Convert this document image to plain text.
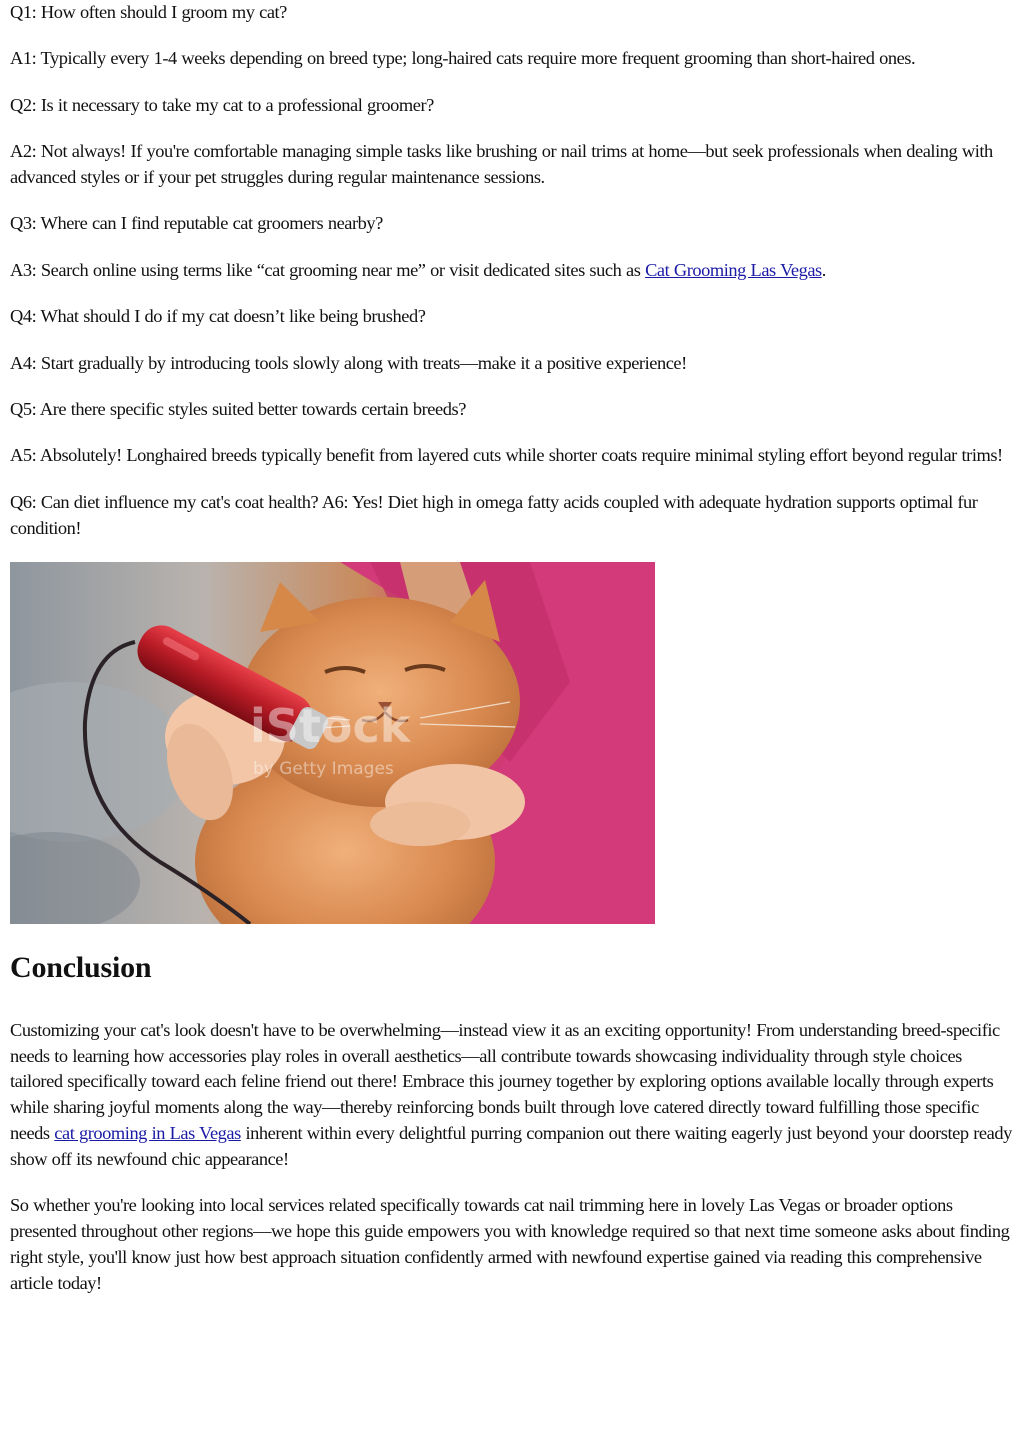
Q1: How often should I groom my cat?

A1: Typically every 1-4 weeks depending on breed type; long-haired cats require more frequent grooming than short-haired ones.

Q2: Is it necessary to take my cat to a professional groomer?

A2: Not always! If you're comfortable managing simple tasks like brushing or nail trims at home—but seek professionals when dealing with advanced styles or if your pet struggles during regular maintenance sessions.

Q3: Where can I find reputable cat groomers nearby?

A3: Search online using terms like “cat grooming near me” or visit dedicated sites such as Cat Grooming Las Vegas.

Q4: What should I do if my cat doesn’t like being brushed?

A4: Start gradually by introducing tools slowly along with treats—make it a positive experience!

Q5: Are there specific styles suited better towards certain breeds?

A5: Absolutely! Longhaired breeds typically benefit from layered cuts while shorter coats require minimal styling effort beyond regular trims!

Q6: Can diet influence my cat's coat health? A6: Yes! Diet high in omega fatty acids coupled with adequate hydration supports optimal fur condition!

iStock
by Getty Images
Conclusion

Customizing your cat's look doesn't have to be overwhelming—instead view it as an exciting opportunity! From understanding breed-specific needs to learning how accessories play roles in overall aesthetics—all contribute towards showcasing individuality through style choices tailored specifically toward each feline friend out there! Embrace this journey together by exploring options available locally through experts while sharing joyful moments along the way—thereby reinforcing bonds built through love catered directly toward fulfilling those specific needs cat grooming in Las Vegas inherent within every delightful purring companion out there waiting eagerly just beyond your doorstep ready show off its newfound chic appearance!

So whether you're looking into local services related specifically towards cat nail trimming here in lovely Las Vegas or broader options presented throughout other regions—we hope this guide empowers you with knowledge required so that next time someone asks about finding right style, you'll know just how best approach situation confidently armed with newfound expertise gained via reading this comprehensive article today!
